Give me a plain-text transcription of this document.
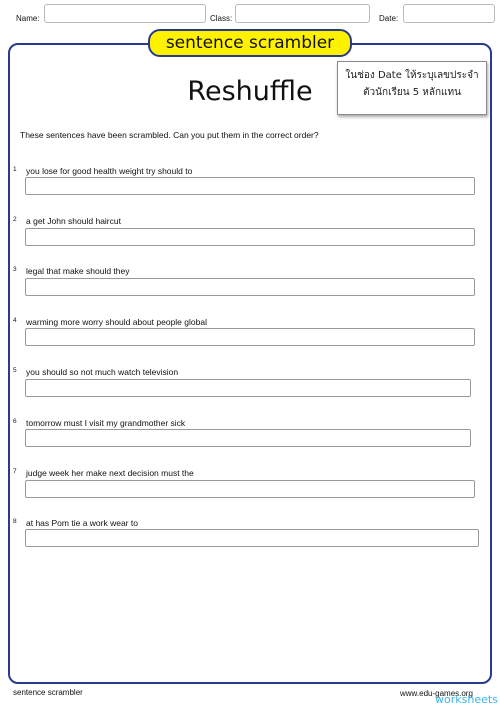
Name:	Class:	Date:
sentence scrambler
Reshuffle
ในช่อง Date ให้ระบุเลขประจำ
ตัวนักเรียน 5 หลักแทน
These sentences have been scrambled. Can you put them in the correct order?
1 you lose for good health weight try should to
2 a get John should haircut
3 legal that make should they
4 warming more worry should about people global
5 you should so not much watch television
6 tomorrow must I visit my grandmother sick
7 judge week her make next decision must the
8 at has Pom tie a work wear to
sentence scrambler	www.edu-games.org
worksheets
